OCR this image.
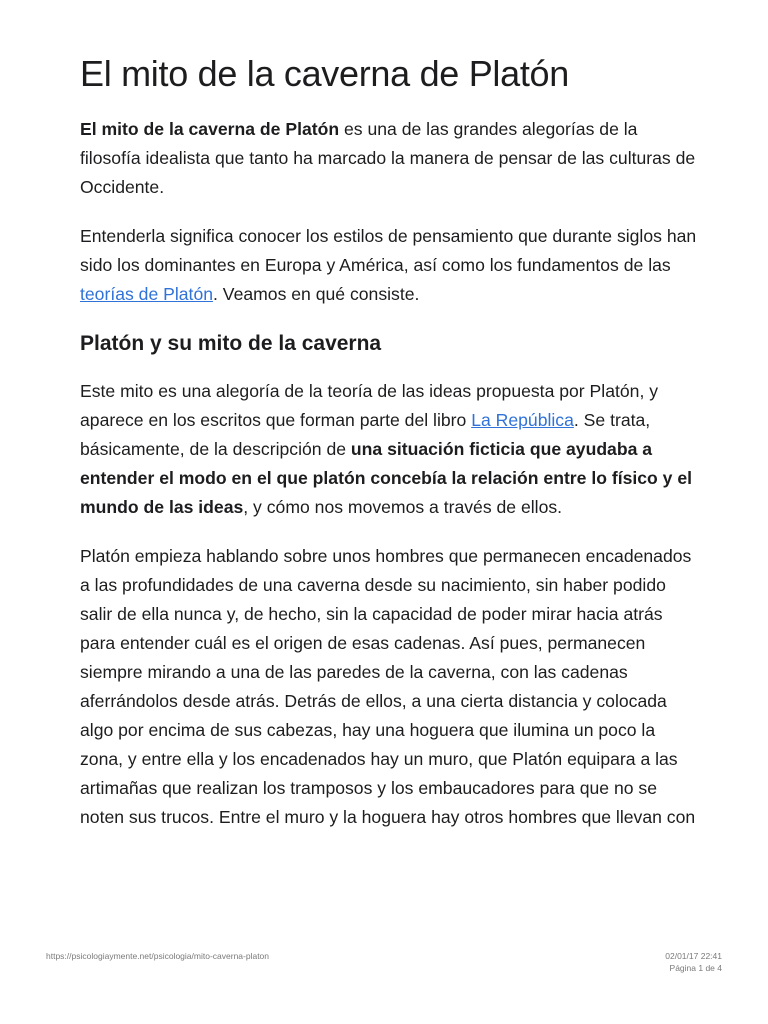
El mito de la caverna de Platón

El mito de la caverna de Platón es una de las grandes alegorías de la filosofía idealista que tanto ha marcado la manera de pensar de las culturas de Occidente.

Entenderla significa conocer los estilos de pensamiento que durante siglos han sido los dominantes en Europa y América, así como los fundamentos de las teorías de Platón. Veamos en qué consiste.

Platón y su mito de la caverna

Este mito es una alegoría de la teoría de las ideas propuesta por Platón, y aparece en los escritos que forman parte del libro La República. Se trata, básicamente, de la descripción de una situación ficticia que ayudaba a entender el modo en el que platón concebía la relación entre lo físico y el mundo de las ideas, y cómo nos movemos a través de ellos.

Platón empieza hablando sobre unos hombres que permanecen encadenados a las profundidades de una caverna desde su nacimiento, sin haber podido salir de ella nunca y, de hecho, sin la capacidad de poder mirar hacia atrás para entender cuál es el origen de esas cadenas. Así pues, permanecen siempre mirando a una de las paredes de la caverna, con las cadenas aferrándolos desde atrás. Detrás de ellos, a una cierta distancia y colocada algo por encima de sus cabezas, hay una hoguera que ilumina un poco la zona, y entre ella y los encadenados hay un muro, que Platón equipara a las artimañas que realizan los tramposos y los embaucadores para que no se noten sus trucos. Entre el muro y la hoguera hay otros hombres que llevan con

https://psicologiaymente.net/psicologia/mito-caverna-platon	02/01/17 22:41
Página 1 de 4
